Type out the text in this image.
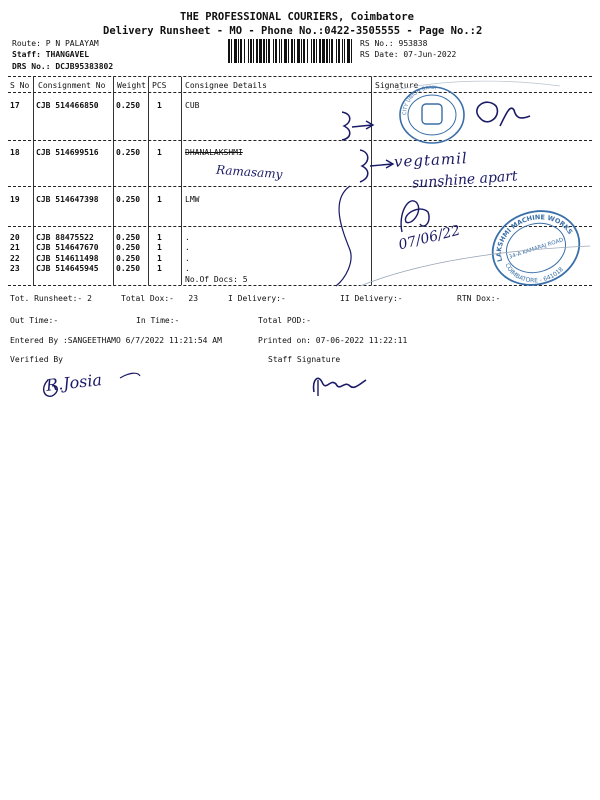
THE PROFESSIONAL COURIERS, Coimbatore
Delivery Runsheet - MO - Phone No.:0422-3505555 - Page No.:2
Route: P N PALAYAM
Staff: THANGAVEL
DRS No.: DCJB95383802
RS No.: 953838
RS Date: 07-Jun-2022
S No Consignment No Weight PCS Consignee Details	Signature
17 CJB 514466850 0.250 1	CUB
18 CJB 514699516 0.250 1	DHANALAKSHMI
19 CJB 514647398 0.250 1	LMW
20 CJB 88475522	0.250 1	.
21 CJB 514647670 0.250 1	.
22 CJB 514611498 0.250 1	.
23 CJB 514645945 0.250 1	.
No.Of Docs: 5
Tot. Runsheet:- 2	Total Dox:-   23	I Delivery:-	II Delivery:-	RTN Dox:-
Out Time:-	In Time:-	Total POD:-
Entered By :SANGEETHAMO 6/7/2022 11:21:54 AM	Printed on: 07-06-2022 11:22:11
Verified By	Staff Signature
CITY UNION BANK
LAKSHMI MACHINE WORKS
COIMBATORE - 641018
34-A KAMARAJ ROAD
Ramasamy
vegtamil
sunshine apart
07/06/22
R.Josia
